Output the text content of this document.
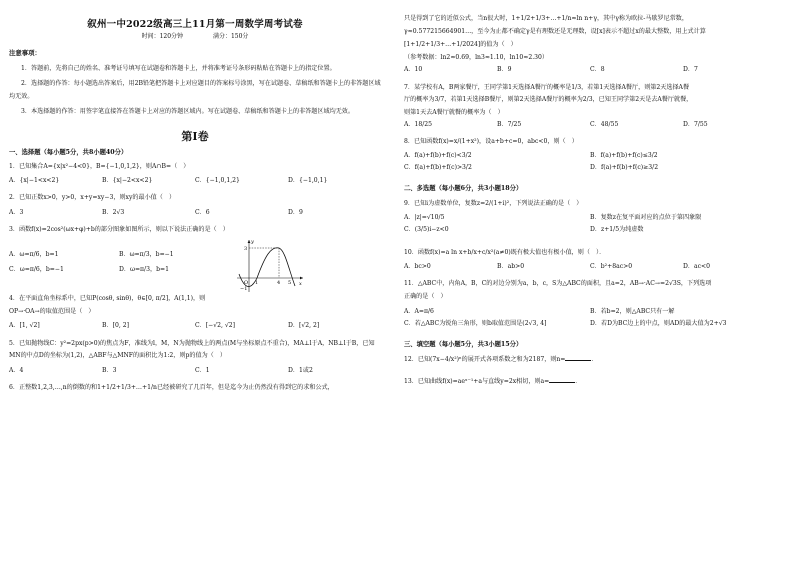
叙州一中2022级高三上11月第一周数学周考试卷
时间：120分钟	满分：150分
注意事项：

1．答题前，先将自己的姓名、准考证号填写在试题卷和答题卡上，并将准考证号条形码粘贴在答题卡上的指定位置。

2．选择题的作答：每小题选出答案后，用2B铅笔把答题卡上对应题目的答案标号涂黑，写在试题卷、草稿纸和答题卡上的非答题区域均无效。

3．本选择题的作答：用签字笔直接答在答题卡上对应的答题区域内。写在试题卷、草稿纸和答题卡上的非答题区域均无效。

第Ⅰ卷
一、选择题（每小题5分，共8小题40分）
1．已知集合A={x|x²−4<0}，B={−1,0,1,2}，则A∩B=（　）
A．{x|−1<x<2}	B．{x|−2<x<2}	C．{−1,0,1,2}	D．{−1,0,1}
2．已知正数x>0，y>0，x+y=xy−3，则xy的最小值（　）
A．3	B．2√3	C．6	D．9
3．函数f(x)=2cos²(ωx+φ)+b的部分图象如图所示，则以下说法正确的是（　）
A．ω=π/6，b=1	B．ω=π/3，b=−1
C．ω=π/6，b=−1	D．ω=π/3，b=1
y
x
3
−1
O 1	4 5
4．在平面直角坐标系中，已知P(cosθ, sinθ)，θ∈[0, π/2]，A(1,1)，则
OP→·OA→的取值范围是（　）
A．[1, √2]	B．[0, 2]	C．[−√2, √2]	D．[√2, 2]
5．已知抛物线C：y²=2px(p>0)的焦点为F，准线为l，M，N为抛物线上的两点(M与坐标原点不重合)，MA⊥l于A，NB⊥l于B，已知MN的中点D的坐标为(1,2)，△ABF与△MNF的面积比为1:2，则p的值为（　）
A．4	B．3	C．1	D．1或2
6．正整数1,2,3,…,n的倒数的和1+1/2+1/3+…+1/n已经被研究了几百年，但是迄今为止仍然没有得到它的求和公式，
只是得到了它的近似公式，当n很大时，1+1/2+1/3+…+1/n≈ln n+γ，其中γ称为欧拉-马歇罗尼常数，
γ≈0.577215664901…，至今为止都不确定γ是有理数还是无理数，设[x]表示不超过x的最大整数，用上式计算
[1+1/2+1/3+…+1/2024]的值为（　）
（参考数据：ln2≈0.69，ln3≈1.10，ln10≈2.30）
A．10	B．9	C．8	D．7
7．某学校有A，B两家餐厅，王同学第1天选择A餐厅的概率是1/3，若第1天选择A餐厅，则第2天选择A餐
厅的概率为3/7，若第1天选择B餐厅，则第2天选择A餐厅的概率为2/3，已知王同学第2天是去A餐厅就餐，
则第1天去A餐厅就餐的概率为（　）
A．18/25	B．7/25	C．48/55	D．7/55
8．已知函数f(x)=x/(1+x²)，设a+b+c=0，abc<0，则（　）
A．f(a)+f(b)+f(c)<3/2	B．f(a)+f(b)+f(c)≤3/2
C．f(a)+f(b)+f(c)>3/2	D．f(a)+f(b)+f(c)≥3/2
二、多选题（每小题6分，共3小题18分）
9．已知i为虚数单位，复数z=2/(1+i)²，下列说法正确的是（　）
A．|z|=√10/5	B．复数z在复平面对应的点位于第四象限
C．(3/5)i−z<0	D．z+1/5为纯虚数
10．函数f(x)=a ln x+b/x+c/x²(a≠0)既有极大值也有极小值，则（　）．
A．bc>0	B．ab>0	C．b²+8ac>0	D．ac<0
11．△ABC中，内角A，B，C的对边分别为a，b，c，S为△ABC的面积，且a=2，AB→·AC→=2√3S，下列选项
正确的是（　）
A．A=π/6	B．若b=2，则△ABC只有一解
C．若△ABC为锐角三角形，则b取值范围是(2√3, 4]	D．若D为BC边上的中点，则AD的最大值为2+√3
三、填空题（每小题5分，共3小题15分）
12．已知(7x−4/x²)ⁿ的展开式各项系数之和为2187，则n=	．
13．已知曲线f(x)=aeˣ⁻¹+a与直线y=2x相切，则a=	．
